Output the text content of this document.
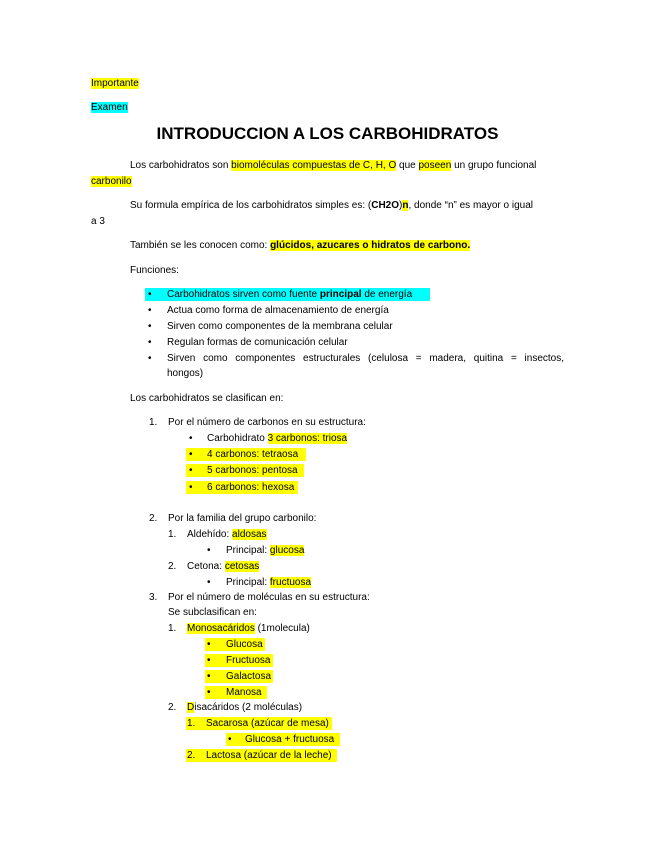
Importante
Examen
INTRODUCCION A LOS CARBOHIDRATOS
Los carbohidratos son biomoléculas compuestas de C, H, O que poseen un grupo funcional
carbonilo
Su formula empírica de los carbohidratos simples es: (CH2O)n, donde “n” es mayor o igual
a 3
También se les conocen como: glúcidos, azucares o hidratos de carbono.
Funciones:
• Carbohidratos sirven como fuente principal de energía
• Actua como forma de almacenamiento de energía
• Sirven como componentes de la membrana celular
• Regulan formas de comunicación celular
• Sirven como componentes estructurales (celulosa = madera, quitina = insectos,
hongos)
Los carbohidratos se clasifican en:
1. Por el número de carbonos en su estructura:
• Carbohidrato 3 carbonos: triosa
• 4 carbonos: tetraosa
• 5 carbonos: pentosa
• 6 carbonos: hexosa
2. Por la familia del grupo carbonilo:
1. Aldehído: aldosas
• Principal: glucosa
2. Cetona: cetosas
• Principal: fructuosa
3. Por el número de moléculas en su estructura:
Se subclasifican en:
1. Monosacáridos (1molecula)
• Glucosa
• Fructuosa
• Galactosa
• Manosa
2. Disacáridos (2 moléculas)
1. Sacarosa (azúcar de mesa)
• Glucosa + fructuosa
2. Lactosa (azúcar de la leche)
